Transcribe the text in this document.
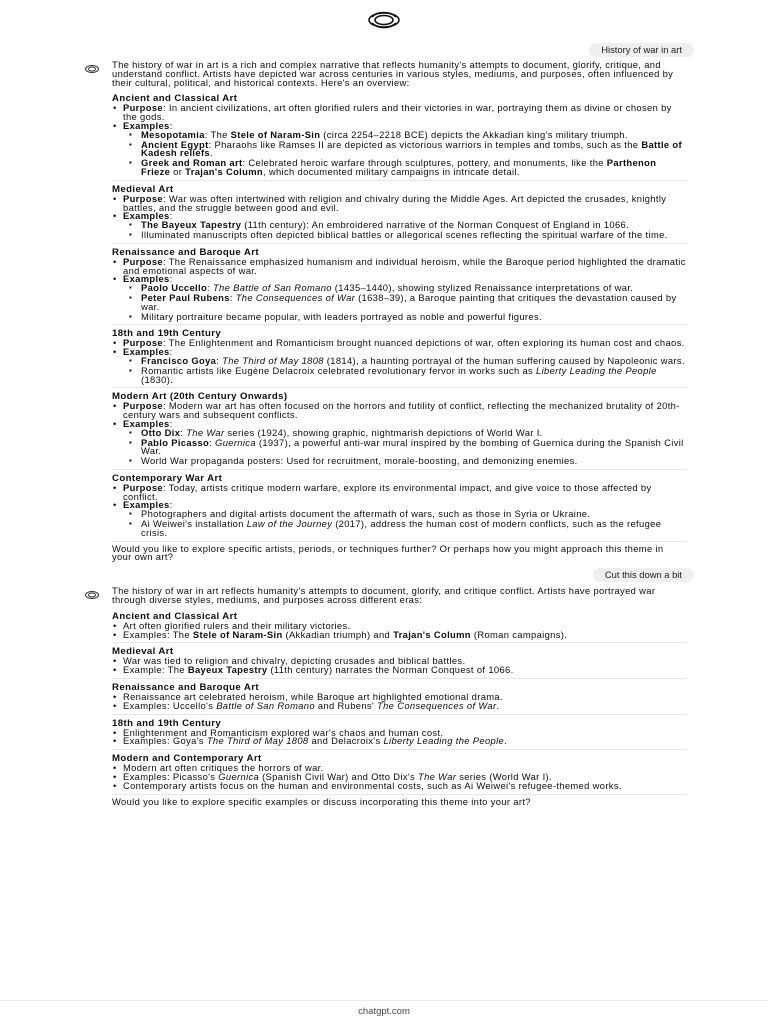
History of war in art

The history of war in art is a rich and complex narrative that reflects humanity's attempts to document, glorify, critique, and understand conflict. Artists have depicted war across centuries in various styles, mediums, and purposes, often influenced by their cultural, political, and historical contexts. Here's an overview:

Ancient and Classical Art
• Purpose: In ancient civilizations, art often glorified rulers and their victories in war, portraying them as divine or chosen by the gods.
• Examples:
▪ Mesopotamia: The Stele of Naram-Sin (circa 2254–2218 BCE) depicts the Akkadian king's military triumph.
▪ Ancient Egypt: Pharaohs like Ramses II are depicted as victorious warriors in temples and tombs, such as the Battle of Kadesh reliefs.
▪ Greek and Roman art: Celebrated heroic warfare through sculptures, pottery, and monuments, like the Parthenon Frieze or Trajan's Column, which documented military campaigns in intricate detail.
Medieval Art
• Purpose: War was often intertwined with religion and chivalry during the Middle Ages. Art depicted the crusades, knightly battles, and the struggle between good and evil.
• Examples:
▪ The Bayeux Tapestry (11th century): An embroidered narrative of the Norman Conquest of England in 1066.
▪ Illuminated manuscripts often depicted biblical battles or allegorical scenes reflecting the spiritual warfare of the time.
Renaissance and Baroque Art
• Purpose: The Renaissance emphasized humanism and individual heroism, while the Baroque period highlighted the dramatic and emotional aspects of war.
• Examples:
▪ Paolo Uccello: The Battle of San Romano (1435–1440), showing stylized Renaissance interpretations of war.
▪ Peter Paul Rubens: The Consequences of War (1638–39), a Baroque painting that critiques the devastation caused by war.
▪ Military portraiture became popular, with leaders portrayed as noble and powerful figures.
18th and 19th Century
• Purpose: The Enlightenment and Romanticism brought nuanced depictions of war, often exploring its human cost and chaos.
• Examples:
▪ Francisco Goya: The Third of May 1808 (1814), a haunting portrayal of the human suffering caused by Napoleonic wars.
▪ Romantic artists like Eugène Delacroix celebrated revolutionary fervor in works such as Liberty Leading the People (1830).
Modern Art (20th Century Onwards)
• Purpose: Modern war art has often focused on the horrors and futility of conflict, reflecting the mechanized brutality of 20th-century wars and subsequent conflicts.
• Examples:
▪ Otto Dix: The War series (1924), showing graphic, nightmarish depictions of World War I.
▪ Pablo Picasso: Guernica (1937), a powerful anti-war mural inspired by the bombing of Guernica during the Spanish Civil War.
▪ World War propaganda posters: Used for recruitment, morale-boosting, and demonizing enemies.
Contemporary War Art
• Purpose: Today, artists critique modern warfare, explore its environmental impact, and give voice to those affected by conflict.
• Examples:
▪ Photographers and digital artists document the aftermath of wars, such as those in Syria or Ukraine.
▪ Ai Weiwei's installation Law of the Journey (2017), address the human cost of modern conflicts, such as the refugee crisis.

Would you like to explore specific artists, periods, or techniques further? Or perhaps how you might approach this theme in your own art?

Cut this down a bit

The history of war in art reflects humanity's attempts to document, glorify, and critique conflict. Artists have portrayed war through diverse styles, mediums, and purposes across different eras:

Ancient and Classical Art
• Art often glorified rulers and their military victories.
• Examples: The Stele of Naram-Sin (Akkadian triumph) and Trajan's Column (Roman campaigns).
Medieval Art
• War was tied to religion and chivalry, depicting crusades and biblical battles.
• Example: The Bayeux Tapestry (11th century) narrates the Norman Conquest of 1066.
Renaissance and Baroque Art
• Renaissance art celebrated heroism, while Baroque art highlighted emotional drama.
• Examples: Uccello's Battle of San Romano and Rubens' The Consequences of War.
18th and 19th Century
• Enlightenment and Romanticism explored war's chaos and human cost.
• Examples: Goya's The Third of May 1808 and Delacroix's Liberty Leading the People.
Modern and Contemporary Art
• Modern art often critiques the horrors of war.
• Examples: Picasso's Guernica (Spanish Civil War) and Otto Dix's The War series (World War I).
• Contemporary artists focus on the human and environmental costs, such as Ai Weiwei's refugee-themed works.

Would you like to explore specific examples or discuss incorporating this theme into your art?

chatgpt.com
